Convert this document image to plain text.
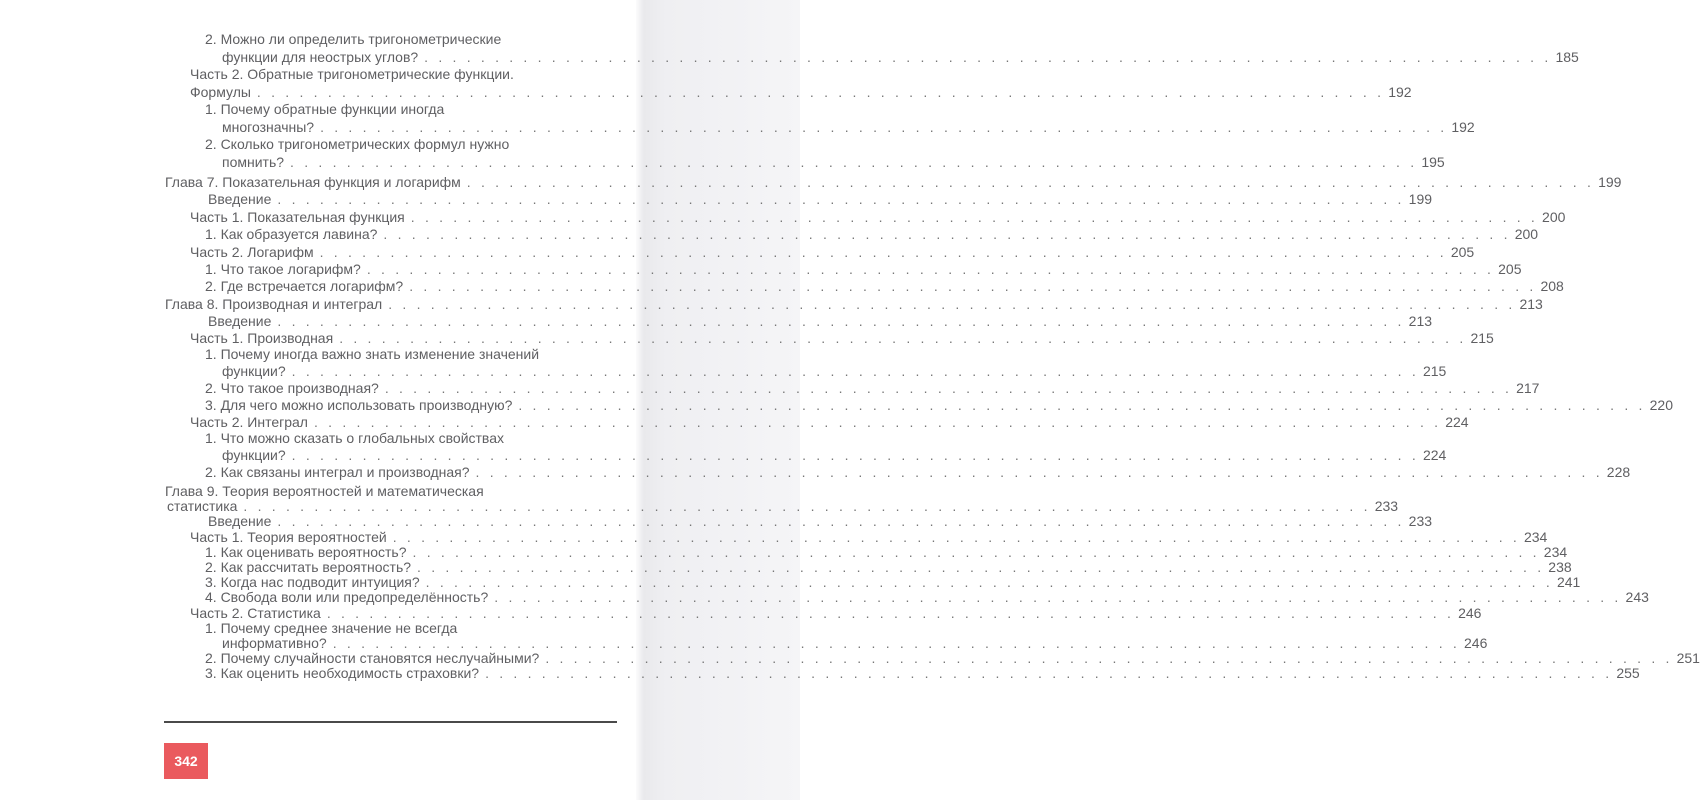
2. Можно ли определить тригонометрические
функции для неострых углов? . . . . . . . . . . . . . . . . . . . . . . . . . . . . . . . . . . . . . . . . . . . . . . . . . . . . . . . . . . . . . . . . . . . . . . . . . . . . . . . . 185
Часть 2. Обратные тригонометрические функции.
Формулы . . . . . . . . . . . . . . . . . . . . . . . . . . . . . . . . . . . . . . . . . . . . . . . . . . . . . . . . . . . . . . . . . . . . . . . . . . . . . . . . 192
1. Почему обратные функции иногда
многозначны? . . . . . . . . . . . . . . . . . . . . . . . . . . . . . . . . . . . . . . . . . . . . . . . . . . . . . . . . . . . . . . . . . . . . . . . . . . . . . . . . 192
2. Сколько тригонометрических формул нужно
помнить? . . . . . . . . . . . . . . . . . . . . . . . . . . . . . . . . . . . . . . . . . . . . . . . . . . . . . . . . . . . . . . . . . . . . . . . . . . . . . . . . 195
Глава 7. Показательная функция и логарифм . . . . . . . . . . . . . . . . . . . . . . . . . . . . . . . . . . . . . . . . . . . . . . . . . . . . . . . . . . . . . . . . . . . . . . . . . . . . . . . . 199
Введение . . . . . . . . . . . . . . . . . . . . . . . . . . . . . . . . . . . . . . . . . . . . . . . . . . . . . . . . . . . . . . . . . . . . . . . . . . . . . . . . 199
Часть 1. Показательная функция . . . . . . . . . . . . . . . . . . . . . . . . . . . . . . . . . . . . . . . . . . . . . . . . . . . . . . . . . . . . . . . . . . . . . . . . . . . . . . . . 200
1. Как образуется лавина? . . . . . . . . . . . . . . . . . . . . . . . . . . . . . . . . . . . . . . . . . . . . . . . . . . . . . . . . . . . . . . . . . . . . . . . . . . . . . . . . 200
Часть 2. Логарифм . . . . . . . . . . . . . . . . . . . . . . . . . . . . . . . . . . . . . . . . . . . . . . . . . . . . . . . . . . . . . . . . . . . . . . . . . . . . . . . . 205
1. Что такое логарифм? . . . . . . . . . . . . . . . . . . . . . . . . . . . . . . . . . . . . . . . . . . . . . . . . . . . . . . . . . . . . . . . . . . . . . . . . . . . . . . . . 205
2. Где встречается логарифм? . . . . . . . . . . . . . . . . . . . . . . . . . . . . . . . . . . . . . . . . . . . . . . . . . . . . . . . . . . . . . . . . . . . . . . . . . . . . . . . . 208
Глава 8. Производная и интеграл . . . . . . . . . . . . . . . . . . . . . . . . . . . . . . . . . . . . . . . . . . . . . . . . . . . . . . . . . . . . . . . . . . . . . . . . . . . . . . . . 213
Введение . . . . . . . . . . . . . . . . . . . . . . . . . . . . . . . . . . . . . . . . . . . . . . . . . . . . . . . . . . . . . . . . . . . . . . . . . . . . . . . . 213
Часть 1. Производная . . . . . . . . . . . . . . . . . . . . . . . . . . . . . . . . . . . . . . . . . . . . . . . . . . . . . . . . . . . . . . . . . . . . . . . . . . . . . . . . 215
1. Почему иногда важно знать изменение значений
функции? . . . . . . . . . . . . . . . . . . . . . . . . . . . . . . . . . . . . . . . . . . . . . . . . . . . . . . . . . . . . . . . . . . . . . . . . . . . . . . . . 215
2. Что такое производная? . . . . . . . . . . . . . . . . . . . . . . . . . . . . . . . . . . . . . . . . . . . . . . . . . . . . . . . . . . . . . . . . . . . . . . . . . . . . . . . . 217
3. Для чего можно использовать производную? . . . . . . . . . . . . . . . . . . . . . . . . . . . . . . . . . . . . . . . . . . . . . . . . . . . . . . . . . . . . . . . . . . . . . . . . . . . . . . . . 220
Часть 2. Интеграл . . . . . . . . . . . . . . . . . . . . . . . . . . . . . . . . . . . . . . . . . . . . . . . . . . . . . . . . . . . . . . . . . . . . . . . . . . . . . . . . 224
1. Что можно сказать о глобальных свойствах
функции? . . . . . . . . . . . . . . . . . . . . . . . . . . . . . . . . . . . . . . . . . . . . . . . . . . . . . . . . . . . . . . . . . . . . . . . . . . . . . . . . 224
2. Как связаны интеграл и производная? . . . . . . . . . . . . . . . . . . . . . . . . . . . . . . . . . . . . . . . . . . . . . . . . . . . . . . . . . . . . . . . . . . . . . . . . . . . . . . . . 228
Глава 9. Теория вероятностей и математическая
статистика . . . . . . . . . . . . . . . . . . . . . . . . . . . . . . . . . . . . . . . . . . . . . . . . . . . . . . . . . . . . . . . . . . . . . . . . . . . . . . . . 233
Введение . . . . . . . . . . . . . . . . . . . . . . . . . . . . . . . . . . . . . . . . . . . . . . . . . . . . . . . . . . . . . . . . . . . . . . . . . . . . . . . . 233
Часть 1. Теория вероятностей . . . . . . . . . . . . . . . . . . . . . . . . . . . . . . . . . . . . . . . . . . . . . . . . . . . . . . . . . . . . . . . . . . . . . . . . . . . . . . . . 234
1. Как оценивать вероятность? . . . . . . . . . . . . . . . . . . . . . . . . . . . . . . . . . . . . . . . . . . . . . . . . . . . . . . . . . . . . . . . . . . . . . . . . . . . . . . . . 234
2. Как рассчитать вероятность? . . . . . . . . . . . . . . . . . . . . . . . . . . . . . . . . . . . . . . . . . . . . . . . . . . . . . . . . . . . . . . . . . . . . . . . . . . . . . . . . 238
3. Когда нас подводит интуиция? . . . . . . . . . . . . . . . . . . . . . . . . . . . . . . . . . . . . . . . . . . . . . . . . . . . . . . . . . . . . . . . . . . . . . . . . . . . . . . . . 241
4. Свобода воли или предопределённость? . . . . . . . . . . . . . . . . . . . . . . . . . . . . . . . . . . . . . . . . . . . . . . . . . . . . . . . . . . . . . . . . . . . . . . . . . . . . . . . . 243
Часть 2. Статистика . . . . . . . . . . . . . . . . . . . . . . . . . . . . . . . . . . . . . . . . . . . . . . . . . . . . . . . . . . . . . . . . . . . . . . . . . . . . . . . . 246
1. Почему среднее значение не всегда
информативно? . . . . . . . . . . . . . . . . . . . . . . . . . . . . . . . . . . . . . . . . . . . . . . . . . . . . . . . . . . . . . . . . . . . . . . . . . . . . . . . . 246
2. Почему случайности становятся неслучайными? . . . . . . . . . . . . . . . . . . . . . . . . . . . . . . . . . . . . . . . . . . . . . . . . . . . . . . . . . . . . . . . . . . . . . . . . . . . . . . . . 251
3. Как оценить необходимость страховки? . . . . . . . . . . . . . . . . . . . . . . . . . . . . . . . . . . . . . . . . . . . . . . . . . . . . . . . . . . . . . . . . . . . . . . . . . . . . . . . . 255
342
